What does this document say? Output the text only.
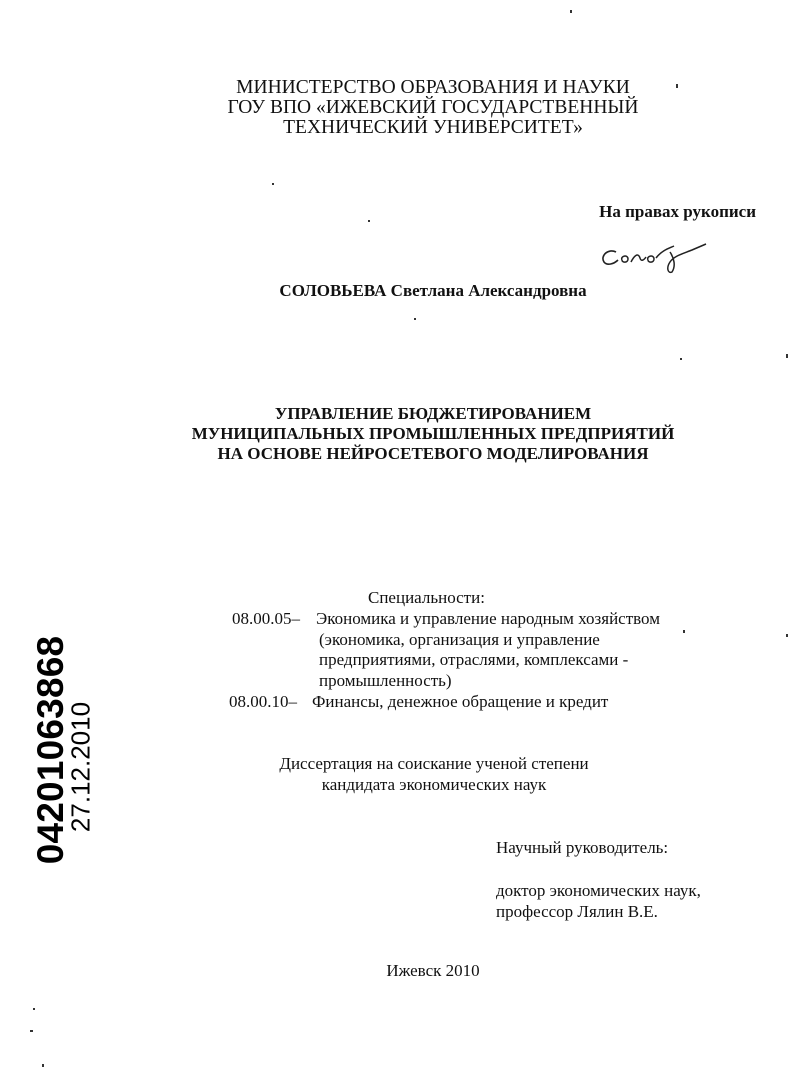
МИНИСТЕРСТВО ОБРАЗОВАНИЯ И НАУКИ
ГОУ ВПО «ИЖЕВСКИЙ ГОСУДАРСТВЕННЫЙ
ТЕХНИЧЕСКИЙ УНИВЕРСИТЕТ»
На правах рукописи
СОЛОВЬЕВА Светлана Александровна
УПРАВЛЕНИЕ БЮДЖЕТИРОВАНИЕМ
МУНИЦИПАЛЬНЫХ ПРОМЫШЛЕННЫХ ПРЕДПРИЯТИЙ
НА ОСНОВЕ НЕЙРОСЕТЕВОГО МОДЕЛИРОВАНИЯ
Специальности:
08.00.05– Экономика и управление народным хозяйством
(экономика, организация и управление
предприятиями, отраслями, комплексами -
промышленность)
08.00.10– Финансы, денежное обращение и кредит
Диссертация на соискание ученой степени
кандидата экономических наук
Научный руководитель:
доктор экономических наук,
профессор Лялин В.Е.
Ижевск 2010
04201063868
27.12.2010
